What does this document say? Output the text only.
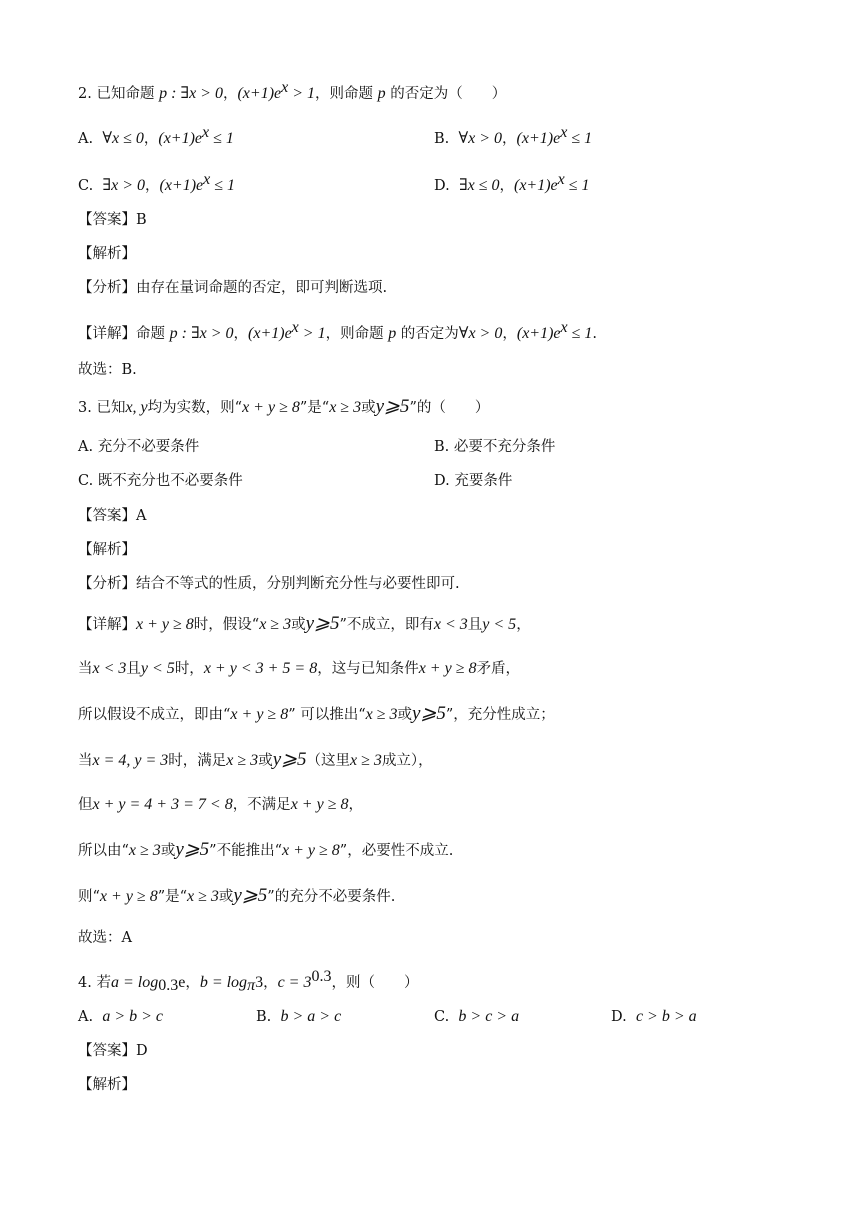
2. 已知命题 p : ∃x > 0，$(x+1)e^x > 1$，则命题 p 的否定为（　　）
A. ∀x ≤ 0，$(x+1)e^x \le 1$	B. ∀x > 0，$(x+1)e^x \le 1$
C. ∃x > 0，$(x+1)e^x \le 1$	D. ∃x ≤ 0，$(x+1)e^x \le 1$
【答案】B
【解析】
【分析】由存在量词命题的否定，即可判断选项.
【详解】命题 p : ∃x > 0，$(x+1)e^x > 1$，则命题 p 的否定为∀x > 0，$(x+1)e^x \le 1$.
故选：B.
3. 已知x, y均为实数，则“x + y ≥ 8”是“x ≥ 3或y⩾5”的（　　）
A. 充分不必要条件	B. 必要不充分条件
C. 既不充分也不必要条件	D. 充要条件
【答案】A
【解析】
【分析】结合不等式的性质，分别判断充分性与必要性即可.
【详解】x + y ≥ 8时，假设“x ≥ 3或y⩾5”不成立，即有x < 3且y < 5，
当x < 3且y < 5时，x + y < 3 + 5 = 8，这与已知条件x + y ≥ 8矛盾，
所以假设不成立，即由“x + y ≥ 8” 可以推出“x ≥ 3或y⩾5”，充分性成立；
当x = 4, y = 3时，满足x ≥ 3或y⩾5（这里x ≥ 3成立），
但x + y = 4 + 3 = 7 < 8，不满足x + y ≥ 8，
所以由“x ≥ 3或y⩾5”不能推出“x + y ≥ 8”，必要性不成立.
则“x + y ≥ 8”是“x ≥ 3或y⩾5”的充分不必要条件.
故选：A
4. 若$a = \log_{0.3}e$，$b = \log_\pi 3$，$c = 3^{0.3}$，则（　　）
A. a > b > c	B. b > a > c	C. b > c > a	D. c > b > a
【答案】D
【解析】
